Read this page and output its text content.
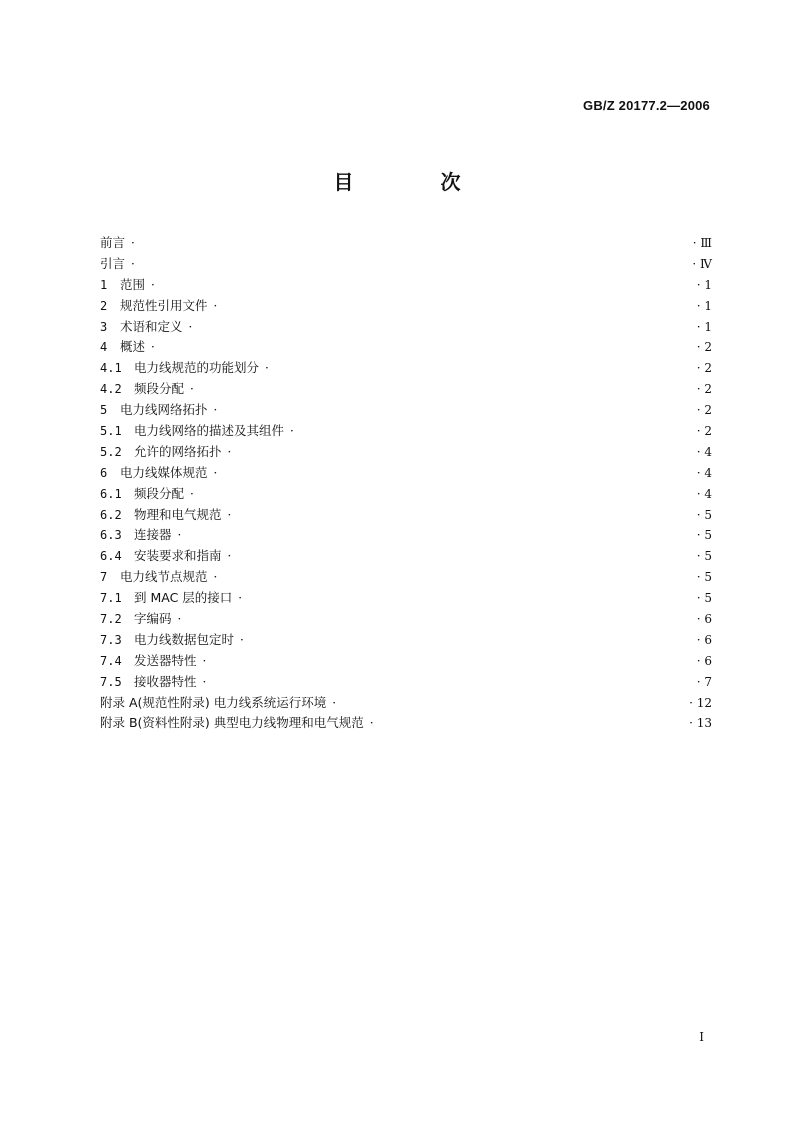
GB/Z 20177.2—2006
目 次
前言 ·	· Ⅲ
引言 ·	· Ⅳ
1 范围 ·	· 1
2 规范性引用文件 ·	· 1
3 术语和定义 ·	· 1
4 概述 ·	· 2
4.1 电力线规范的功能划分 ·	· 2
4.2 频段分配 ·	· 2
5 电力线网络拓扑 ·	· 2
5.1 电力线网络的描述及其组件 ·	· 2
5.2 允许的网络拓扑 ·	· 4
6 电力线媒体规范 ·	· 4
6.1 频段分配 ·	· 4
6.2 物理和电气规范 ·	· 5
6.3 连接器 ·	· 5
6.4 安装要求和指南 ·	· 5
7 电力线节点规范 ·	· 5
7.1 到 MAC 层的接口 ·	· 5
7.2 字编码 ·	· 6
7.3 电力线数据包定时 ·	· 6
7.4 发送器特性 ·	· 6
7.5 接收器特性 ·	· 7
附录 A(规范性附录) 电力线系统运行环境 ·	· 12
附录 B(资料性附录) 典型电力线物理和电气规范 ·	· 13
I
